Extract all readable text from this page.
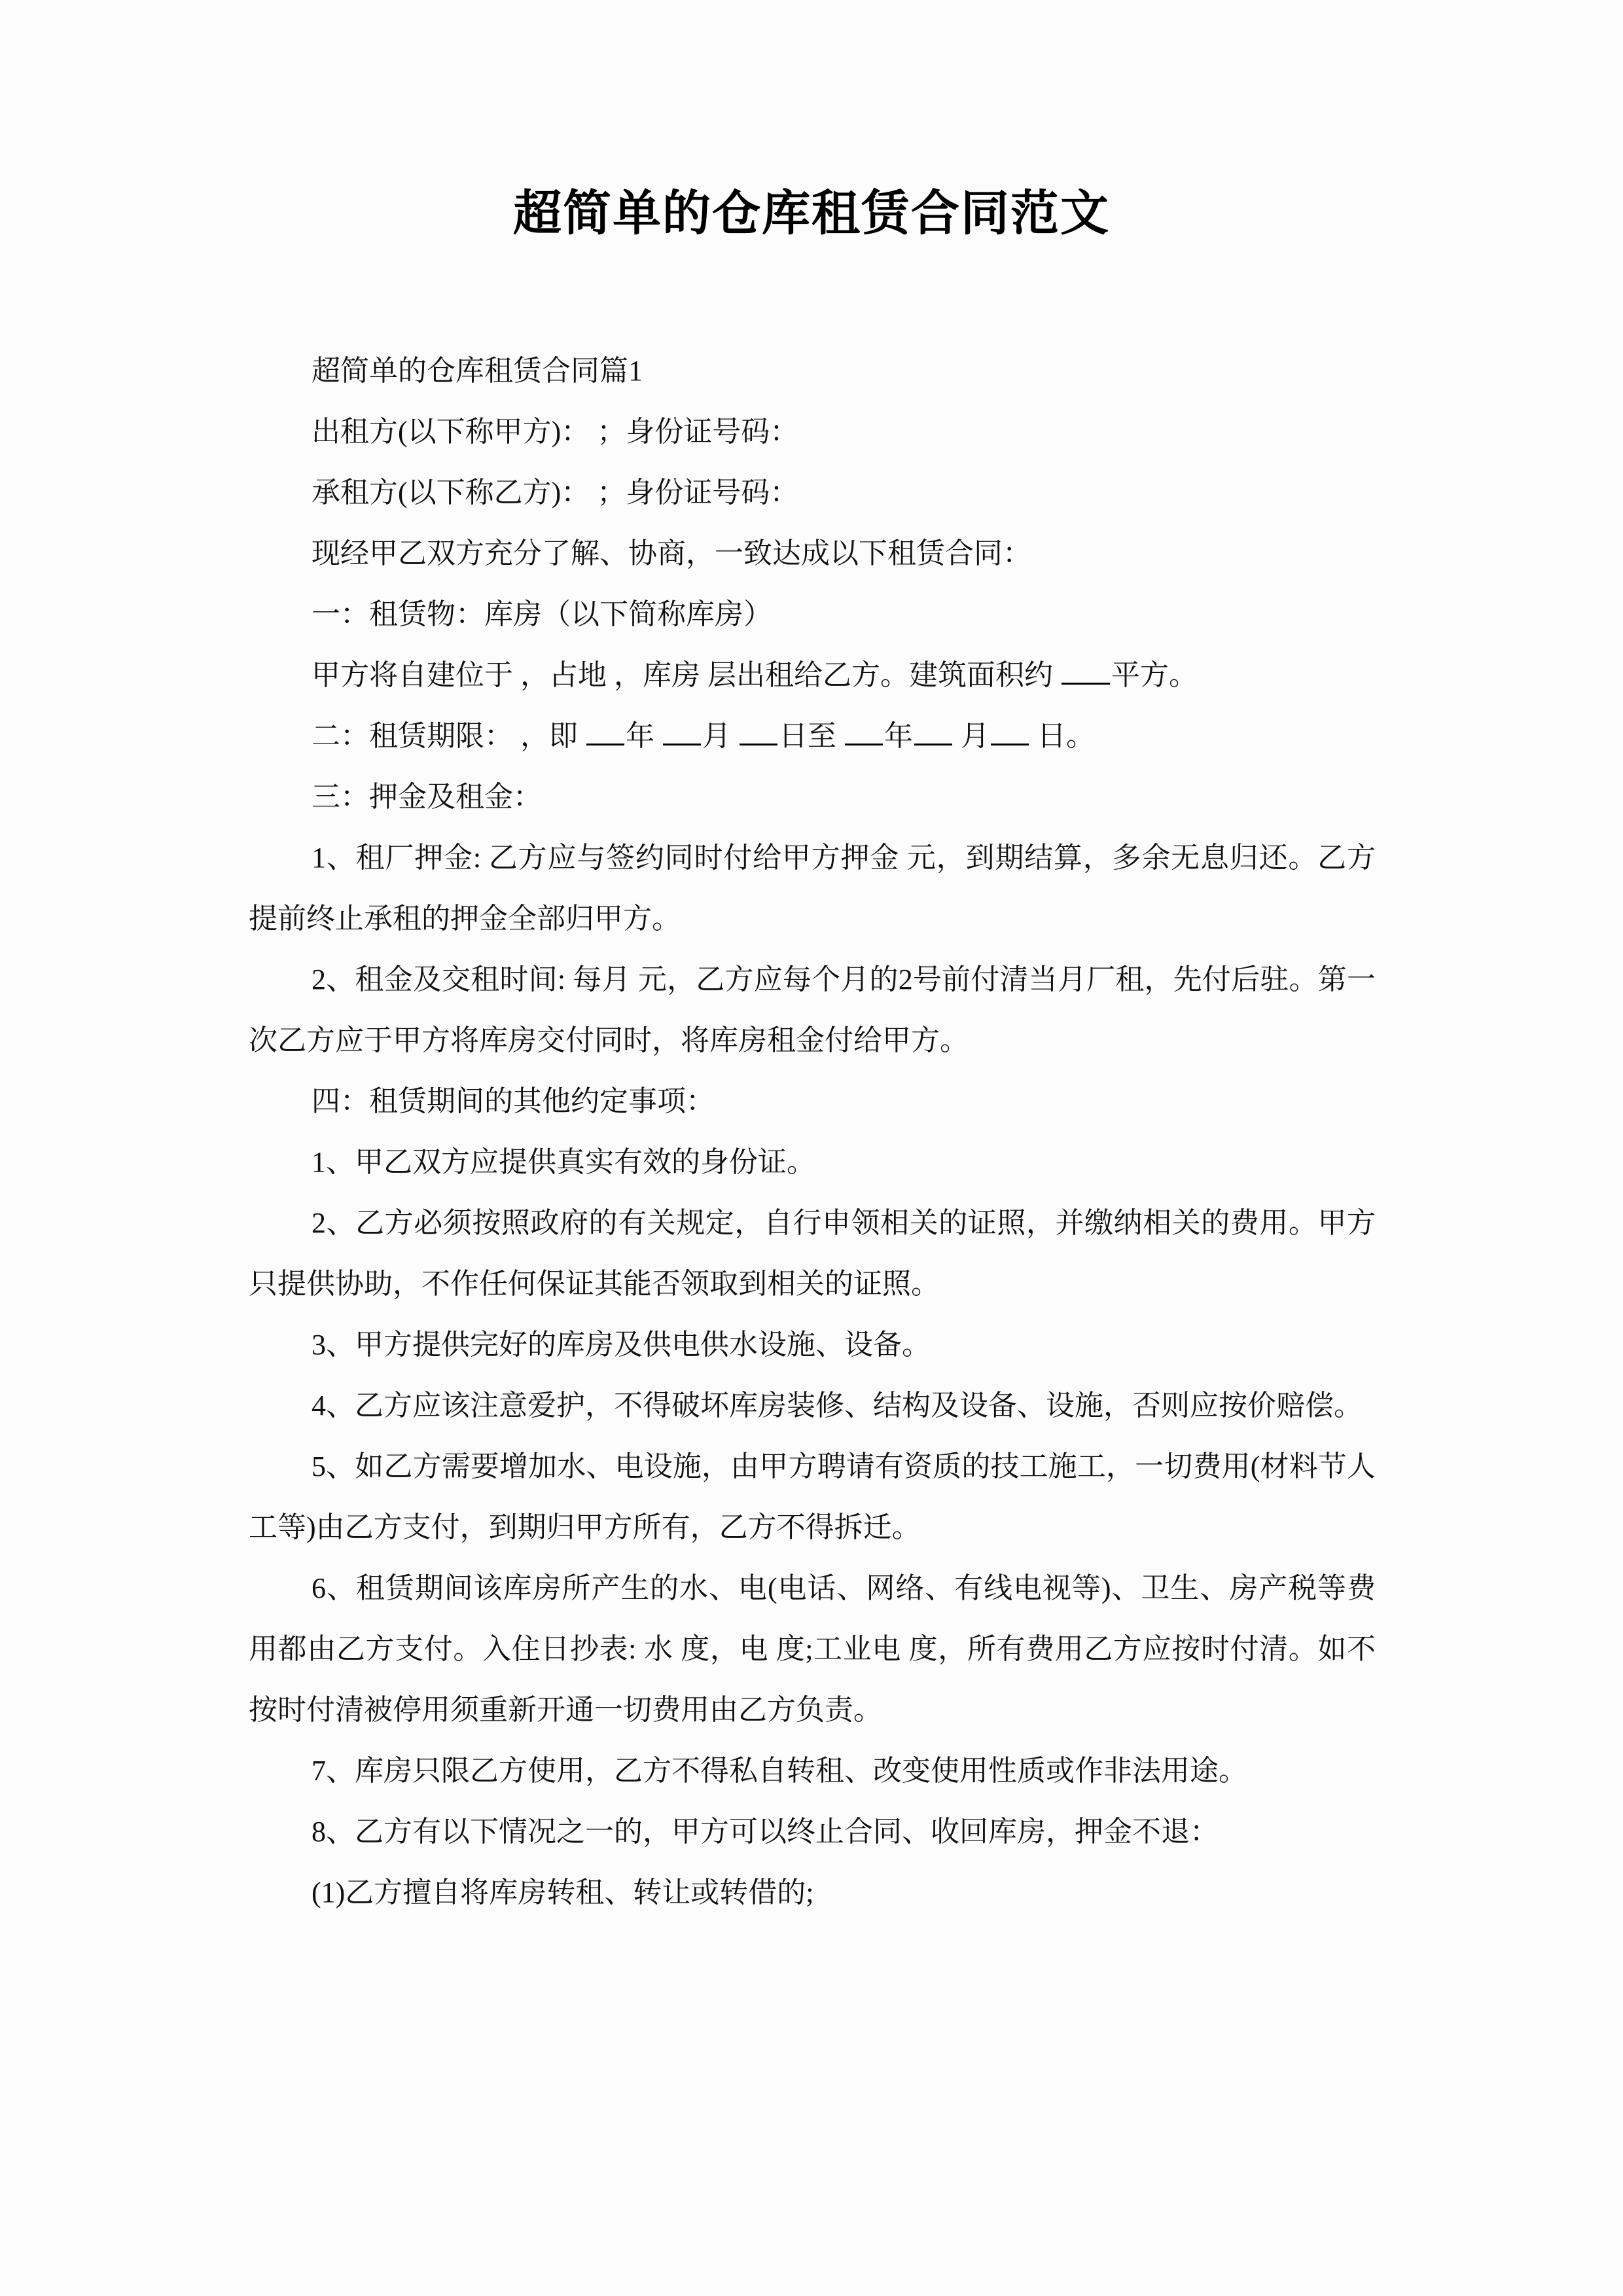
超简单的仓库租赁合同范文

超简单的仓库租赁合同篇1

出租方(以下称甲方)： ；身份证号码：

承租方(以下称乙方)： ；身份证号码：

现经甲乙双方充分了解、协商，一致达成以下租赁合同：

一：租赁物：库房（以下简称库房）

甲方将自建位于 ，占地 ，库房 层出租给乙方。建筑面积约 平方。

二：租赁期限： ，即 年 月 日至 年 月 日。

三：押金及租金：

1、租厂押金: 乙方应与签约同时付给甲方押金 元，到期结算，多余无息归还。乙方提前终止承租的押金全部归甲方。

2、租金及交租时间: 每月 元，乙方应每个月的2号前付清当月厂租，先付后驻。第一次乙方应于甲方将库房交付同时，将库房租金付给甲方。

四：租赁期间的其他约定事项：

1、甲乙双方应提供真实有效的身份证。

2、乙方必须按照政府的有关规定，自行申领相关的证照，并缴纳相关的费用。甲方只提供协助，不作任何保证其能否领取到相关的证照。

3、甲方提供完好的库房及供电供水设施、设备。

4、乙方应该注意爱护，不得破坏库房装修、结构及设备、设施，否则应按价赔偿。

5、如乙方需要增加水、电设施，由甲方聘请有资质的技工施工，一切费用(材料节人工等)由乙方支付，到期归甲方所有，乙方不得拆迁。

6、租赁期间该库房所产生的水、电(电话、网络、有线电视等)、卫生、房产税等费用都由乙方支付。入住日抄表: 水 度，电 度;工业电 度，所有费用乙方应按时付清。如不按时付清被停用须重新开通一切费用由乙方负责。

7、库房只限乙方使用，乙方不得私自转租、改变使用性质或作非法用途。

8、乙方有以下情况之一的，甲方可以终止合同、收回库房，押金不退：

(1)乙方擅自将库房转租、转让或转借的;
